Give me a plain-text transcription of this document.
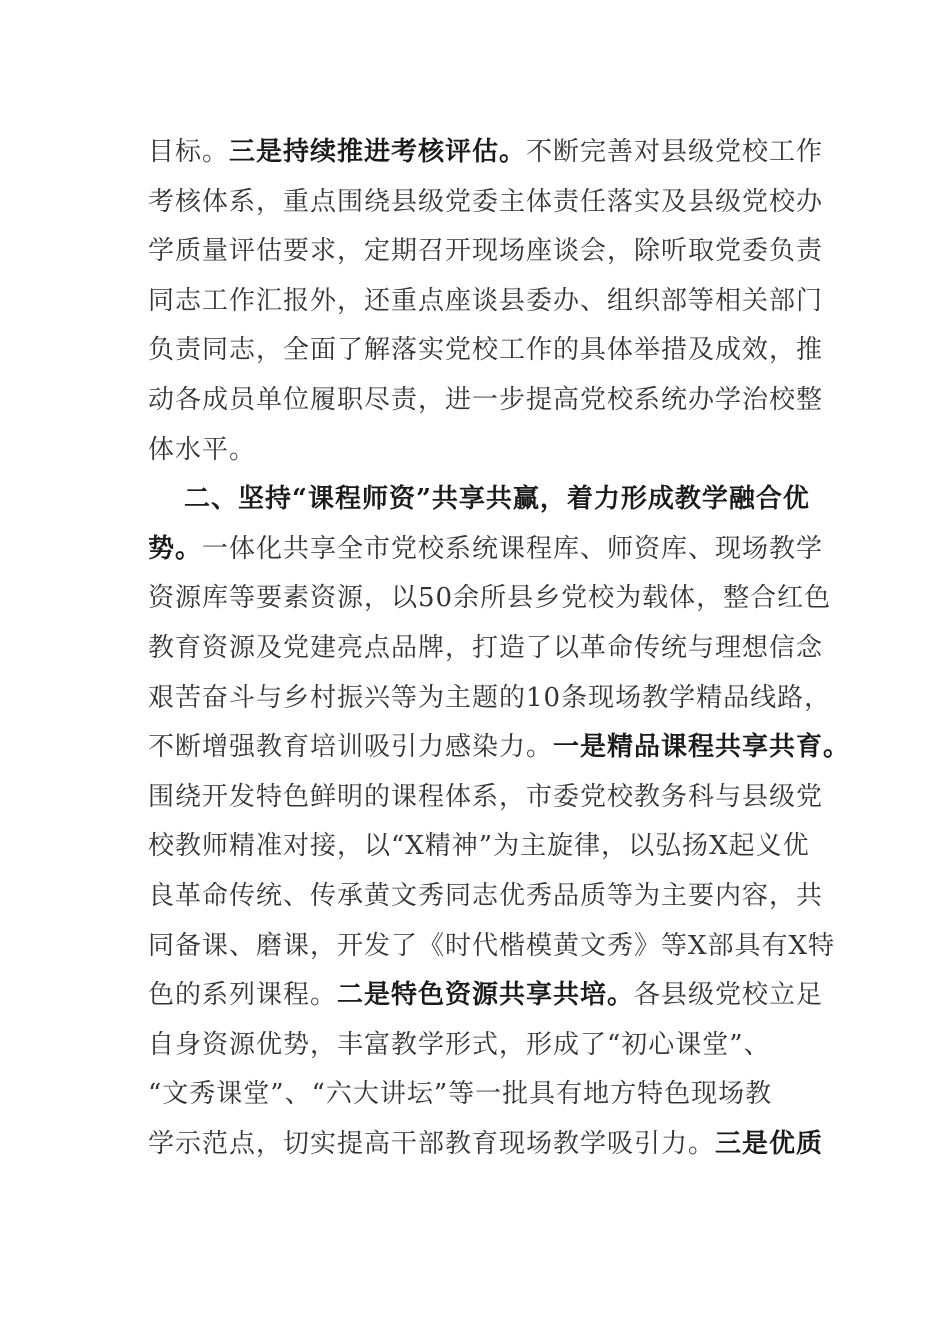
目标。三是持续推进考核评估。不断完善对县级党校工作
考核体系，重点围绕县级党委主体责任落实及县级党校办
学质量评估要求，定期召开现场座谈会，除听取党委负责
同志工作汇报外，还重点座谈县委办、组织部等相关部门
负责同志，全面了解落实党校工作的具体举措及成效，推
动各成员单位履职尽责，进一步提高党校系统办学治校整
体水平。
二、坚持“课程师资”共享共赢，着力形成教学融合优
势。一体化共享全市党校系统课程库、师资库、现场教学
资源库等要素资源，以50余所县乡党校为载体，整合红色
教育资源及党建亮点品牌，打造了以革命传统与理想信念
艰苦奋斗与乡村振兴等为主题的10条现场教学精品线路，
不断增强教育培训吸引力感染力。一是精品课程共享共育。
围绕开发特色鲜明的课程体系，市委党校教务科与县级党
校教师精准对接，以“X精神”为主旋律，以弘扬X起义优
良革命传统、传承黄文秀同志优秀品质等为主要内容，共
同备课、磨课，开发了《时代楷模黄文秀》等X部具有X特
色的系列课程。二是特色资源共享共培。各县级党校立足
自身资源优势，丰富教学形式，形成了“初心课堂”、
“文秀课堂”、“六大讲坛”等一批具有地方特色现场教
学示范点，切实提高干部教育现场教学吸引力。三是优质
